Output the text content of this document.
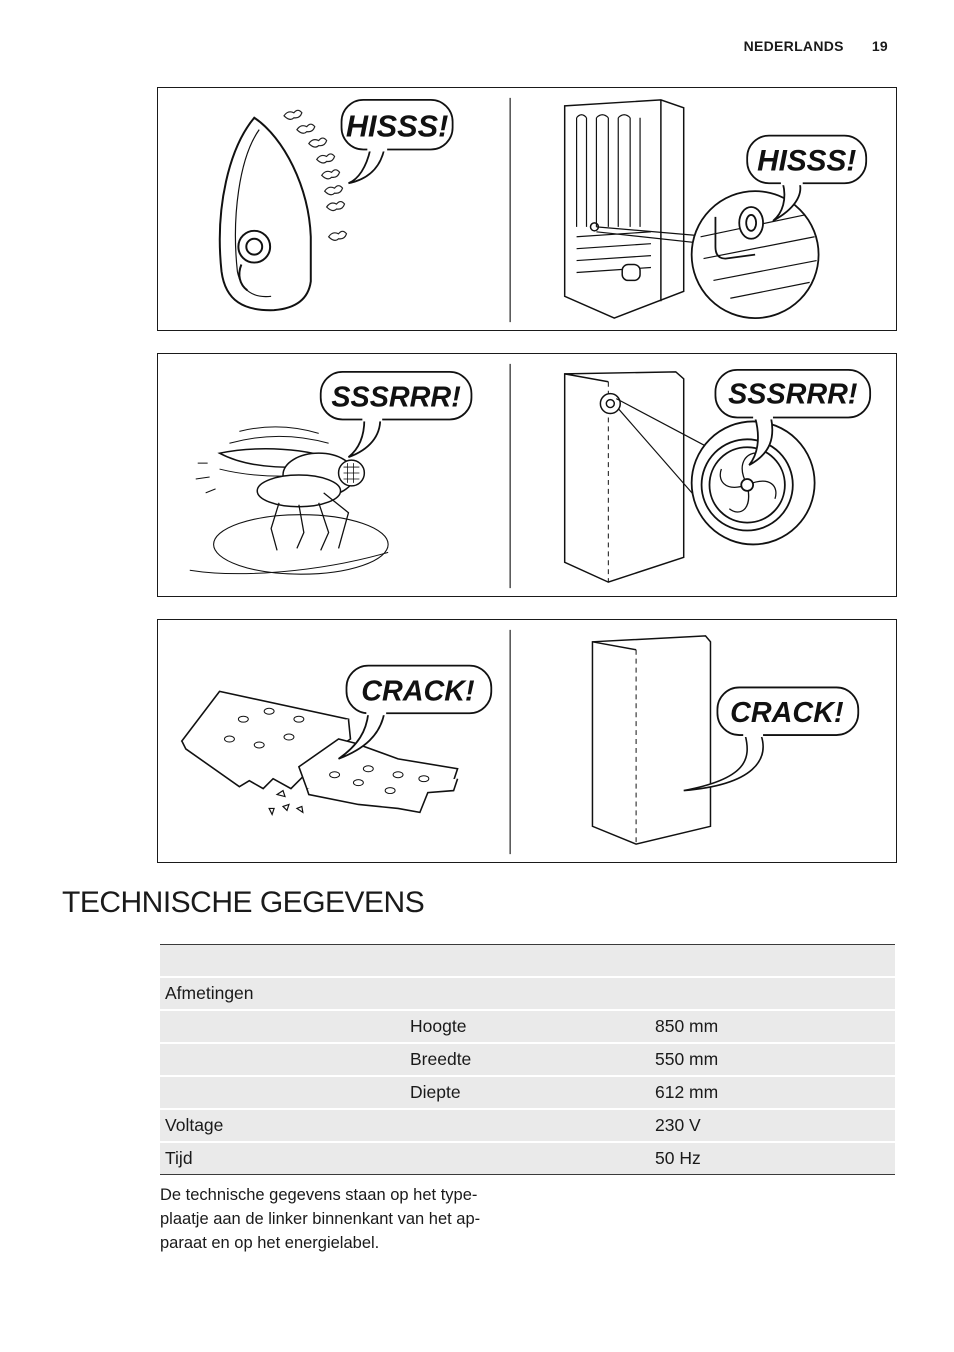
NEDERLANDS 19
HISSS!
HISSS!
SSSRRR!	SSSRRR!
CRACK!
CRACK!
TECHNISCHE GEGEVENS

Afmetingen		
	Hoogte	850 mm
	Breedte	550 mm
	Diepte	612 mm
Voltage		230 V
Tijd		50 Hz

De technische gegevens staan op het type-
plaatje aan de linker binnenkant van het ap-
paraat en op het energielabel.
